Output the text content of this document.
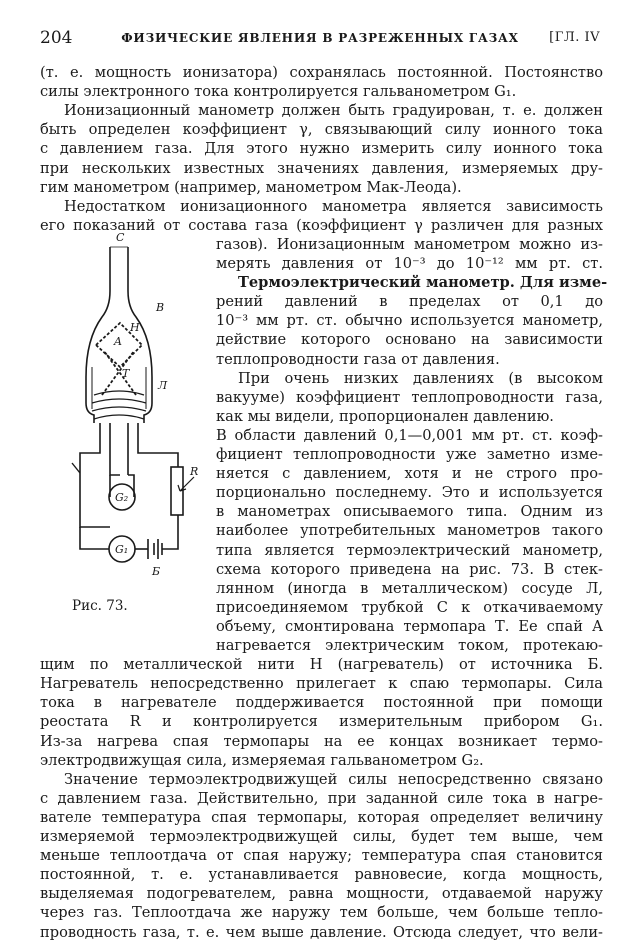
204	ФИЗИЧЕСКИЕ ЯВЛЕНИЯ В РАЗРЕЖЕННЫХ ГАЗАХ	[ГЛ. IV
(т. е. мощность ионизатора) сохранялась постоянной. Постоянство
силы электронного тока контролируется гальванометром G₁.
Ионизационный манометр должен быть градуирован, т. е. должен
быть определен коэффициент γ, связывающий силу ионного тока
с давлением газа. Для этого нужно измерить силу ионного тока
при нескольких известных значениях давления, измеряемых дру-
гим манометром (например, манометром Мак-Леода).
Недостатком ионизационного манометра является зависимость
его показаний от состава газа (коэффициент γ различен для разных
газов). Ионизационным манометром можно из-
мерять давления от 10⁻³ до 10⁻¹² мм рт. ст.
Термоэлектрический манометр. Для изме-
рений давлений в пределах от 0,1 до
10⁻³ мм рт. ст. обычно используется манометр,
действие которого основано на зависимости
теплопроводности газа от давления.
При очень низких давлениях (в высоком
вакууме) коэффициент теплопроводности газа,
как мы видели, пропорционален давлению.
В области давлений 0,1—0,001 мм рт. ст. коэф-
фициент теплопроводности уже заметно изме-
няется с давлением, хотя и не строго про-
порционально последнему. Это и используется
в манометрах описываемого типа. Одним из
наиболее употребительных манометров такого
типа является термоэлектрический манометр,
схема которого приведена на рис. 73. В стек-
лянном (иногда в металлическом) сосуде Л,
присоединяемом трубкой С к откачиваемому
объему, смонтирована термопара Т. Ее спай А
нагревается электрическим током, протекаю-
щим по металлической нити Н (нагреватель) от источника Б.
Нагреватель непосредственно прилегает к спаю термопары. Сила
тока в нагревателе поддерживается постоянной при помощи
реостата R и контролируется измерительным прибором G₁.
Из-за нагрева спая термопары на ее концах возникает термо-
электродвижущая сила, измеряемая гальванометром G₂.
Значение термоэлектродвижущей силы непосредственно связано
с давлением газа. Действительно, при заданной силе тока в нагре-
вателе температура спая термопары, которая определяет величину
измеряемой термоэлектродвижущей силы, будет тем выше, чем
меньше теплоотдача от спая наружу; температура спая становится
постоянной, т. е. устанавливается равновесие, когда мощность,
выделяемая подогревателем, равна мощности, отдаваемой наружу
через газ. Теплоотдача же наружу тем больше, чем больше тепло-
проводность газа, т. е. чем выше давление. Отсюда следует, что вели-
C
B
H
A
T
Л
R
G₂
G₁
Б
Рис. 73.
